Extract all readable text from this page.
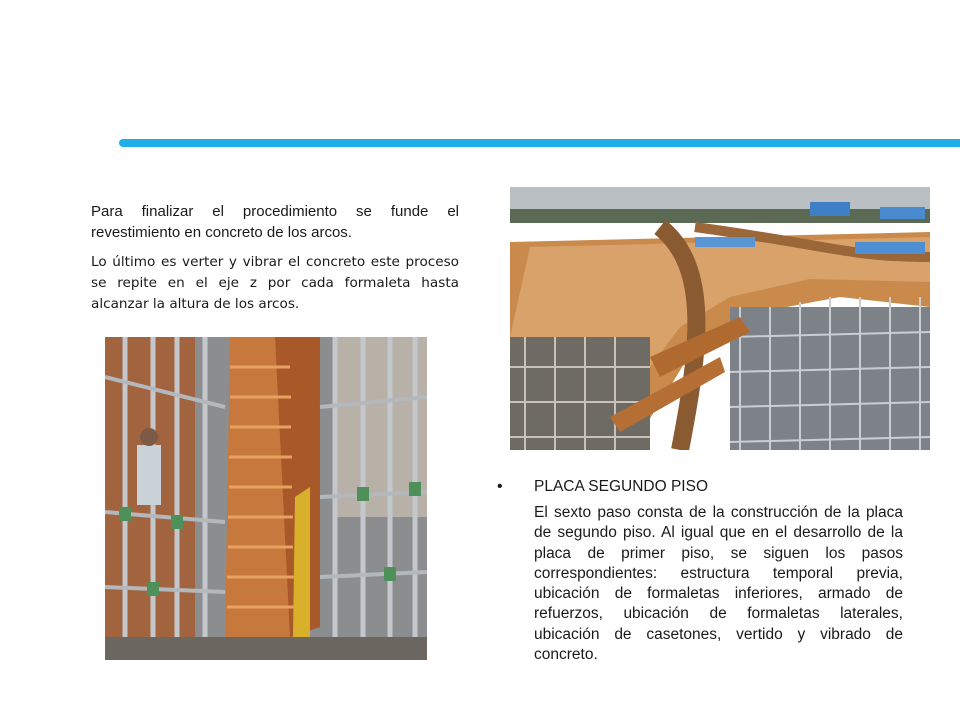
Para finalizar el procedimiento se funde el revestimiento en concreto de los arcos.

Lo último es verter y vibrar el concreto este proceso se repite en el eje z por cada formaleta hasta alcanzar la altura de los arcos.

•	PLACA SEGUNDO PISO
El sexto paso consta de la construcción de la placa de segundo piso. Al igual que en el desarrollo de la placa de primer piso, se siguen los pasos correspondientes: estructura temporal previa, ubicación de formaletas inferiores, armado de refuerzos, ubicación de formaletas laterales, ubicación de casetones, vertido y vibrado de concreto.
